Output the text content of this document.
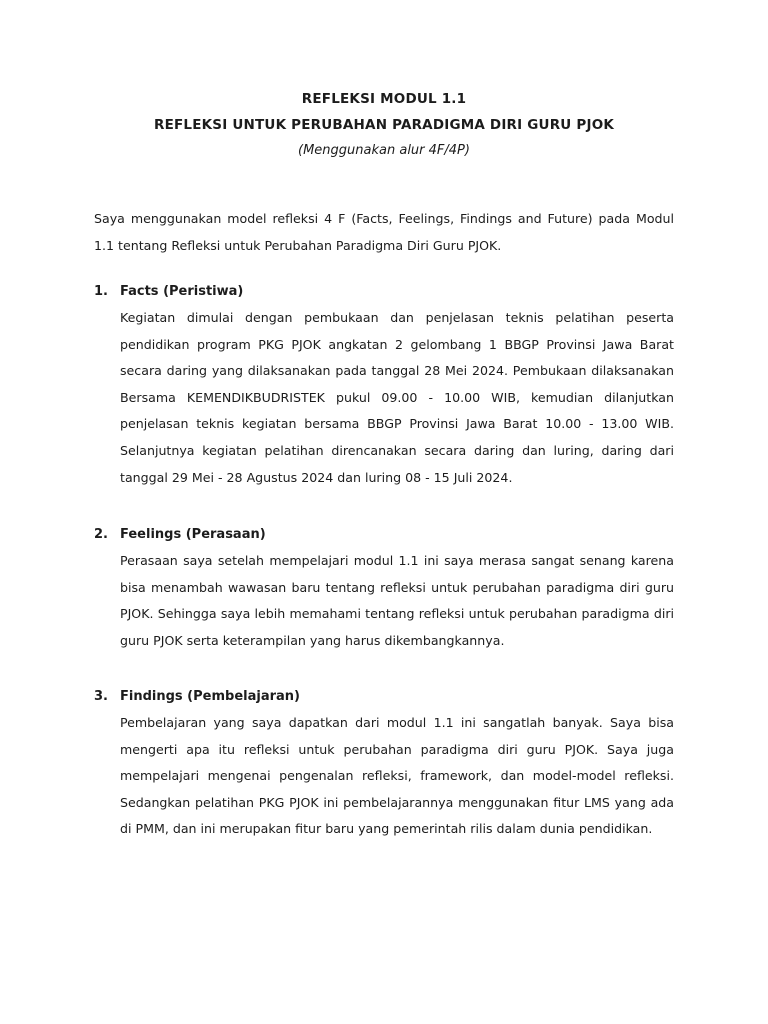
REFLEKSI MODUL 1.1
REFLEKSI UNTUK PERUBAHAN PARADIGMA DIRI GURU PJOK
(Menggunakan alur 4F/4P)

Saya menggunakan model refleksi 4 F (Facts, Feelings, Findings and Future) pada Modul 1.1 tentang Refleksi untuk Perubahan Paradigma Diri Guru PJOK.

1. Facts (Peristiwa)

Kegiatan dimulai dengan pembukaan dan penjelasan teknis pelatihan peserta pendidikan program PKG PJOK angkatan 2 gelombang 1 BBGP Provinsi Jawa Barat secara daring yang dilaksanakan pada tanggal 28 Mei 2024. Pembukaan dilaksanakan Bersama KEMENDIKBUDRISTEK pukul 09.00 - 10.00 WIB, kemudian dilanjutkan penjelasan teknis kegiatan bersama BBGP Provinsi Jawa Barat 10.00 - 13.00 WIB. Selanjutnya kegiatan pelatihan direncanakan secara daring dan luring, daring dari tanggal 29 Mei - 28 Agustus 2024 dan luring 08 - 15 Juli 2024.

2. Feelings (Perasaan)

Perasaan saya setelah mempelajari modul 1.1 ini saya merasa sangat senang karena bisa menambah wawasan baru tentang refleksi untuk perubahan paradigma diri guru PJOK. Sehingga saya lebih memahami tentang refleksi untuk perubahan paradigma diri guru PJOK serta keterampilan yang harus dikembangkannya.

3. Findings (Pembelajaran)

Pembelajaran yang saya dapatkan dari modul 1.1 ini sangatlah banyak. Saya bisa mengerti apa itu refleksi untuk perubahan paradigma diri guru PJOK. Saya juga mempelajari mengenai pengenalan refleksi, framework, dan model-model refleksi. Sedangkan pelatihan PKG PJOK ini pembelajarannya menggunakan fitur LMS yang ada di PMM, dan ini merupakan fitur baru yang pemerintah rilis dalam dunia pendidikan.
